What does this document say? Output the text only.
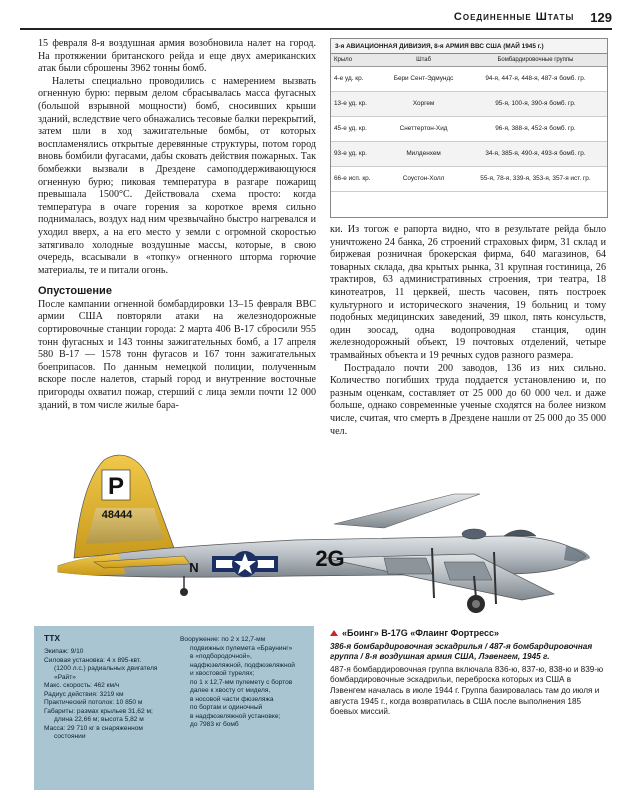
Соединенные Штаты 129

15 февраля 8-я воздушная армия возобновила налет на город. На протяжении британского рейда и еще двух американских атак были сброшены 3962 тонны бомб.

Налеты специально проводились с намерением вызвать огненную бурю: первым делом сбрасывалась масса фугасных (большой взрывной мощности) бомб, сносивших крыши зданий, вследствие чего обнажались тесовые балки перекрытий, затем шли в ход зажигательные бомбы, от которых воспламенялись открытые деревянные структуры, потом город вновь бомбили фугасами, дабы сковать действия пожарных. Так бомбежки вызвали в Дрездене самоподдерживающуюся огненную бурю; пиковая температура в разгаре пожарищ превышала 1500°С. Действовала схема просто: когда температура в очаге горения за короткое время сильно поднималась, воздух над ним чрезвычайно быстро нагревался и уходил вверх, а на его место у земли с огромной скоростью затягивало холодные воздушные массы, которые, в свою очередь, всасывали в «топку» огненного шторма горючие материалы, те и питали огонь.

Опустошение

После кампании огненной бомбардировки 13–15 февраля ВВС армии США повторяли атаки на железнодорожные сортировочные станции города: 2 марта 406 B-17 сбросили 955 тонн фугасных и 143 тонны зажигательных бомб, а 17 апреля 580 B-17 — 1578 тонн фугасов и 167 тонн зажигательных боеприпасов. По данным немецкой полиции, полученным вскоре после налетов, старый город и внутренние восточные пригороды охватил пожар, стерший с лица земли почти 12 000 зданий, в том числе жилые бара-

3-я АВИАЦИОННАЯ ДИВИЗИЯ, 8-я АРМИЯ ВВС США (МАЙ 1945 г.)
Крыло	Штаб	Бомбардировочные группы
4-е уд. кр.	Бери Сент-Эдмундс	94-я, 447-я, 448-я, 487-я бомб. гр.
13-е уд. кр.	Хоргем	95-я, 100-я, 390-я бомб. гр.
45-е уд. кр.	Снеттертон-Хид	96-я, 388-я, 452-я бомб. гр.
93-е уд. кр.	Милденхем	34-я, 385-я, 490-я, 493-я бомб. гр.
66-е исп. кр.	Соустон-Холл	55-я, 78-я, 339-я, 353-я, 357-я ист. гр.

ки. Из тогож е рапорта видно, что в результате рейда было уничтожено 24 банка, 26 строений страховых фирм, 31 склад и биржевая розничная брокерская фирма, 640 магазинов, 64 товарных склада, два крытых рынка, 31 крупная гостиница, 26 трактиров, 63 административных строения, три театра, 18 кинотеатров, 11 церквей, шесть часовен, пять построек культурного и исторического значения, 19 больниц и тому подобных медицинских заведений, 39 школ, пять консульств, один зоосад, одна водопроводная станция, один железнодорожный объект, 19 почтовых отделений, четыре трамвайных объекта и 19 речных судов разного размера.

Пострадало почти 200 заводов, 136 из них сильно. Количество погибших труда поддается установлению и, по разным оценкам, составляет от 25 000 до 60 000 чел. и даже больше, однако современные ученые сходятся на более низком числе, считая, что смерть в Дрездене нашли от 25 000 до 35 000 чел.

P
48444
N	2G
ТТХ
Экипаж: 9/10
Силовая установка: 4 x 895-квт.
(1200 л.с.) радиальных двигателя
«Райт»
Макс. скорость: 462 км/ч
Радиус действия: 3219 км
Практический потолок: 10 850 м
Габариты: размах крыльев 31,62 м;
длина 22,66 м; высота 5,82 м
Масса: 29 710 кг в снаряженном
состоянии
Вооружение: по 2 x 12,7-мм
подвижных пулемета «Браунинг»
в «подбородочной»,
надфюзеляжной, подфюзеляжной
и хвостовой турелях;
по 1 x 12,7-мм пулемету с бортов
далее к хвосту от миделя,
в носовой части фюзеляжа
по бортам и одиночный
в надфюзеляжной установке;
до 7983 кг бомб
«Боинг» B-17G «Флаинг Фортресс»
386-я бомбардировочная эскадрилья / 487-я бомбардировочная группа / 8-я воздушная армия США, Лэвенгем, 1945 г.
487-я бомбардировочная группа включала 836-ю, 837-ю, 838-ю и 839-ю бомбардировочные эскадрильи, переброска которых из США в Лэвенгем началась в июле 1944 г. Группа базировалась там до июля и августа 1945 г., когда возвратилась в США после выполнения 185 боевых миссий.
